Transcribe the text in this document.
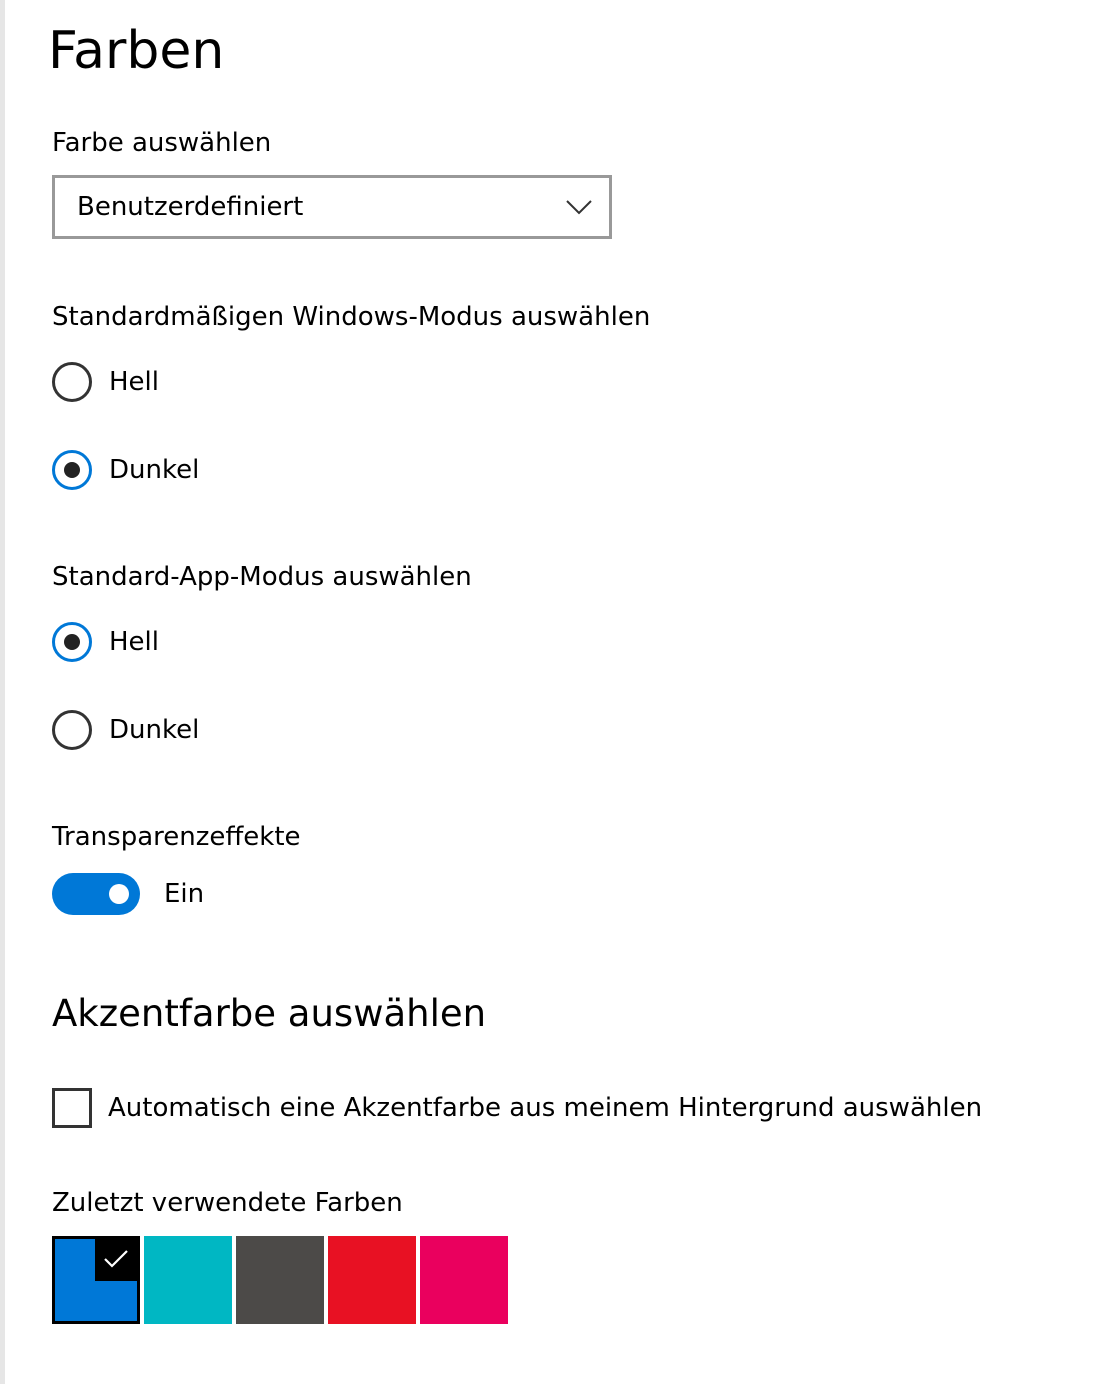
Farben
Farbe auswählen
Benutzerdefiniert
Standardmäßigen Windows-Modus auswählen
Hell
Dunkel
Standard-App-Modus auswählen
Hell
Dunkel
Transparenzeffekte
Ein
Akzentfarbe auswählen
Automatisch eine Akzentfarbe aus meinem Hintergrund auswählen
Zuletzt verwendete Farben
